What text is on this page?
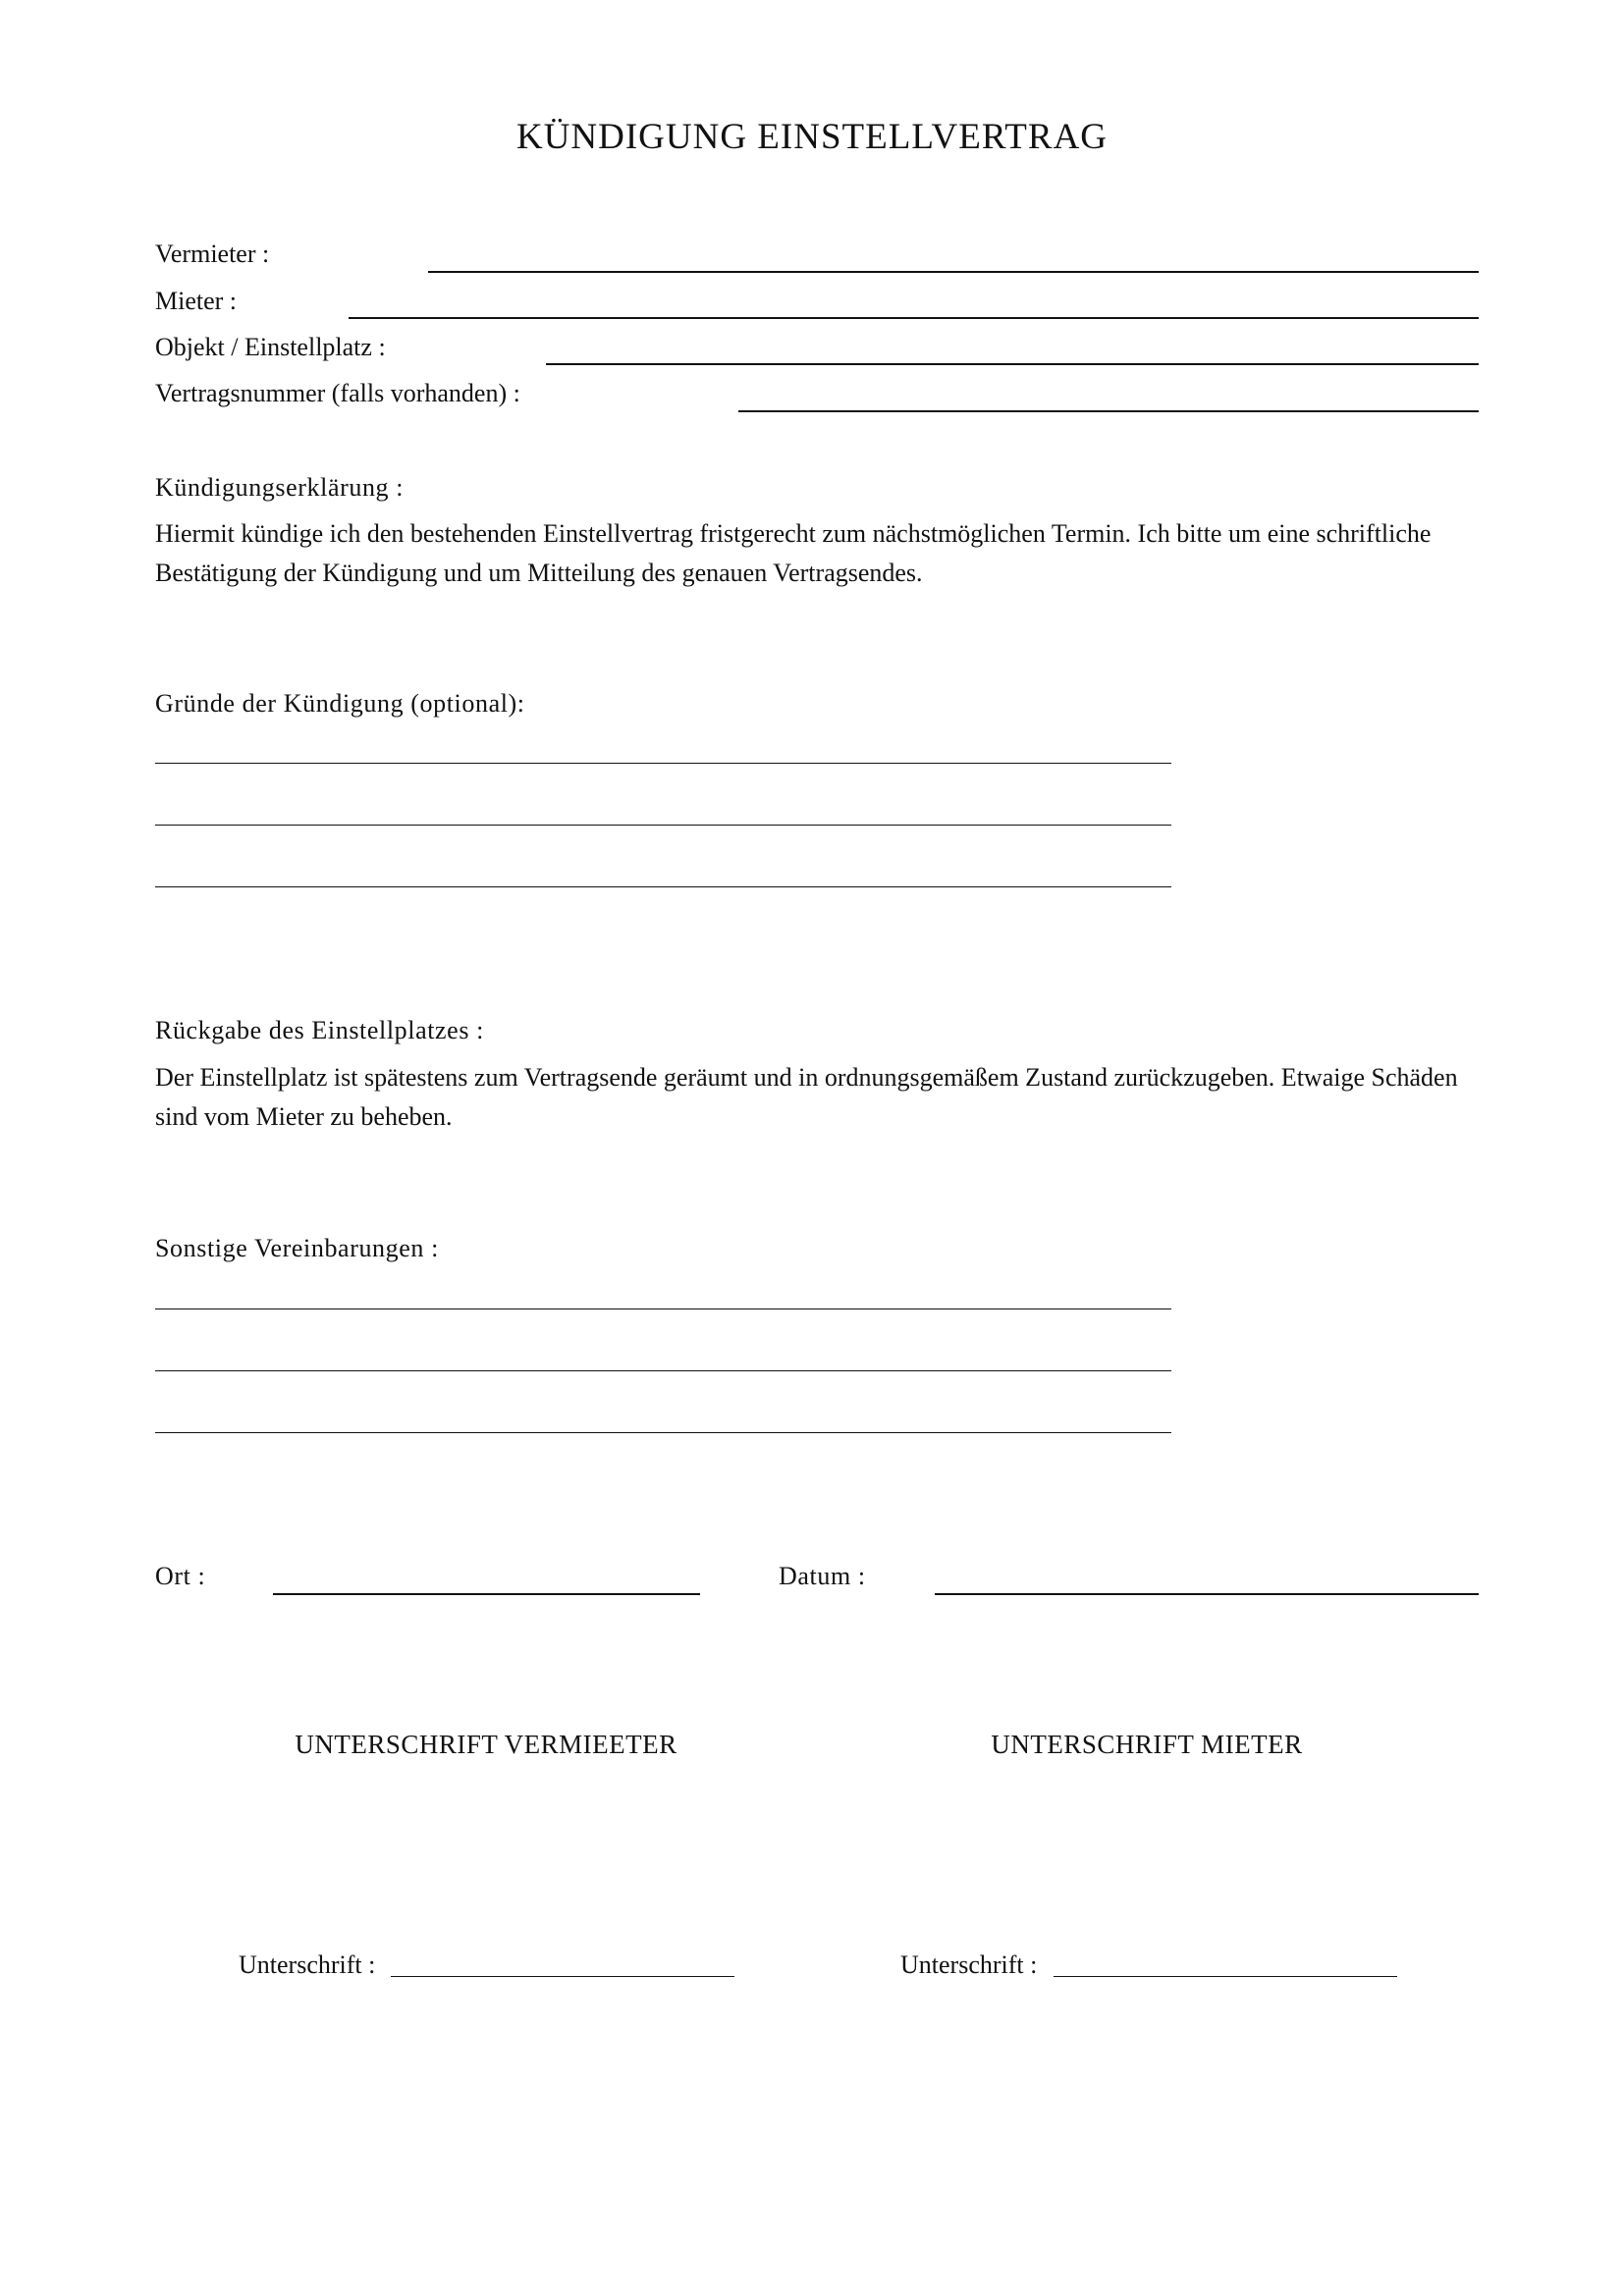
KÜNDIGUNG EINSTELLVERTRAG
Vermieter :
Mieter :
Objekt / Einstellplatz :
Vertragsnummer (falls vorhanden) :
Kündigungserklärung :
Hiermit kündige ich den bestehenden Einstellvertrag fristgerecht zum nächstmöglichen Termin. Ich bitte um eine schriftliche Bestätigung der Kündigung und um Mitteilung des genauen Vertragsendes.
Gründe der Kündigung (optional):
Rückgabe des Einstellplatzes :
Der Einstellplatz ist spätestens zum Vertragsende geräumt und in ordnungsgemäßem Zustand zurückzugeben. Etwaige Schäden sind vom Mieter zu beheben.
Sonstige Vereinbarungen :
Ort :	Datum :
UNTERSCHRIFT VERMIEETER	UNTERSCHRIFT MIETER
Unterschrift :	Unterschrift :
